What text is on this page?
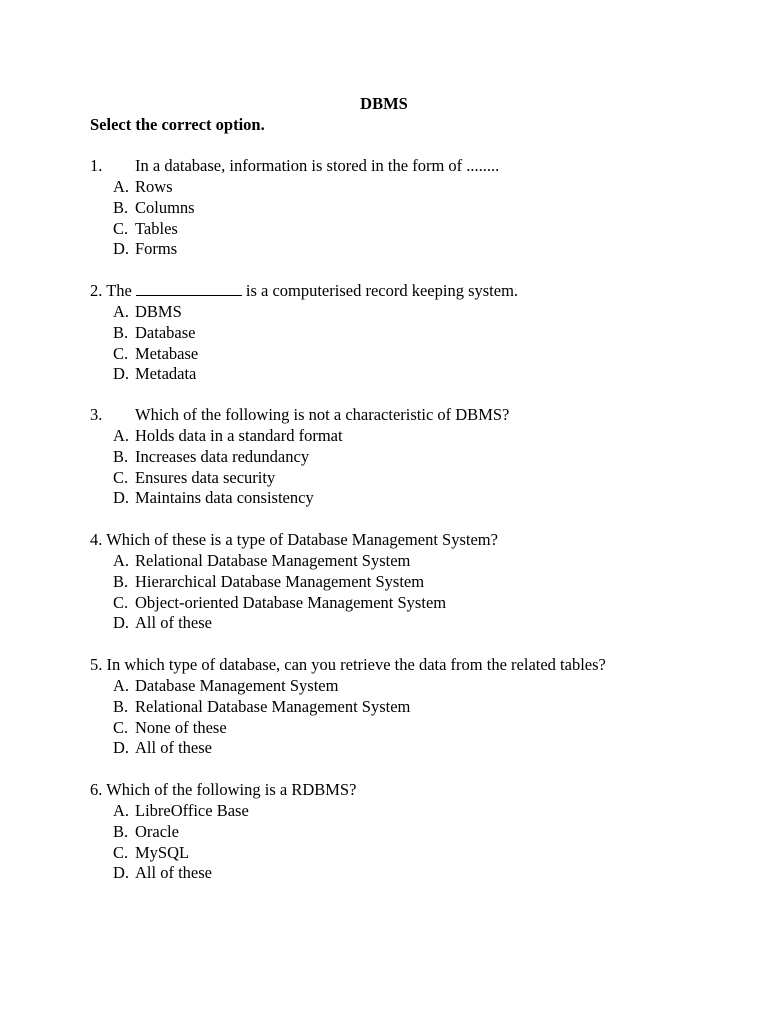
DBMS
Select the correct option.
1. In a database, information is stored in the form of ........
A. Rows
B. Columns
C. Tables
D. Forms
2. The	is a computerised record keeping system.
A. DBMS
B. Database
C. Metabase
D. Metadata
3. Which of the following is not a characteristic of DBMS?
A. Holds data in a standard format
B. Increases data redundancy
C. Ensures data security
D. Maintains data consistency
4. Which of these is a type of Database Management System?
A. Relational Database Management System
B. Hierarchical Database Management System
C. Object-oriented Database Management System
D. All of these
5. In which type of database, can you retrieve the data from the related tables?
A. Database Management System
B. Relational Database Management System
C. None of these
D. All of these
6. Which of the following is a RDBMS?
A. LibreOffice Base
B. Oracle
C. MySQL
D. All of these
